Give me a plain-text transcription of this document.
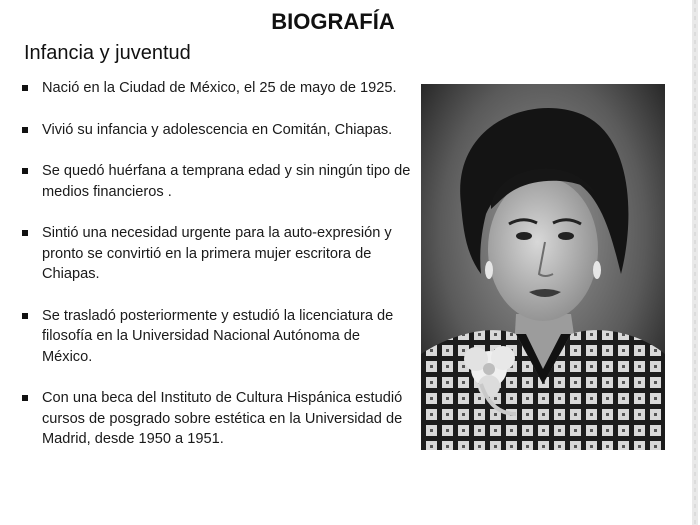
BIOGRAFÍA
Infancia y juventud
Nació en la Ciudad de México, el 25 de mayo de 1925.
Vivió su infancia y adolescencia en Comitán, Chiapas.
Se quedó huérfana a temprana edad y sin ningún tipo de medios financieros .
Sintió una necesidad urgente para la auto-expresión y pronto se convirtió en la primera mujer escritora de Chiapas.
Se trasladó posteriormente y estudió la licenciatura de filosofía en la Universidad Nacional Autónoma de México.
Con una beca del Instituto de Cultura Hispánica estudió cursos de posgrado sobre estética en la Universidad de Madrid, desde 1950 a 1951.
